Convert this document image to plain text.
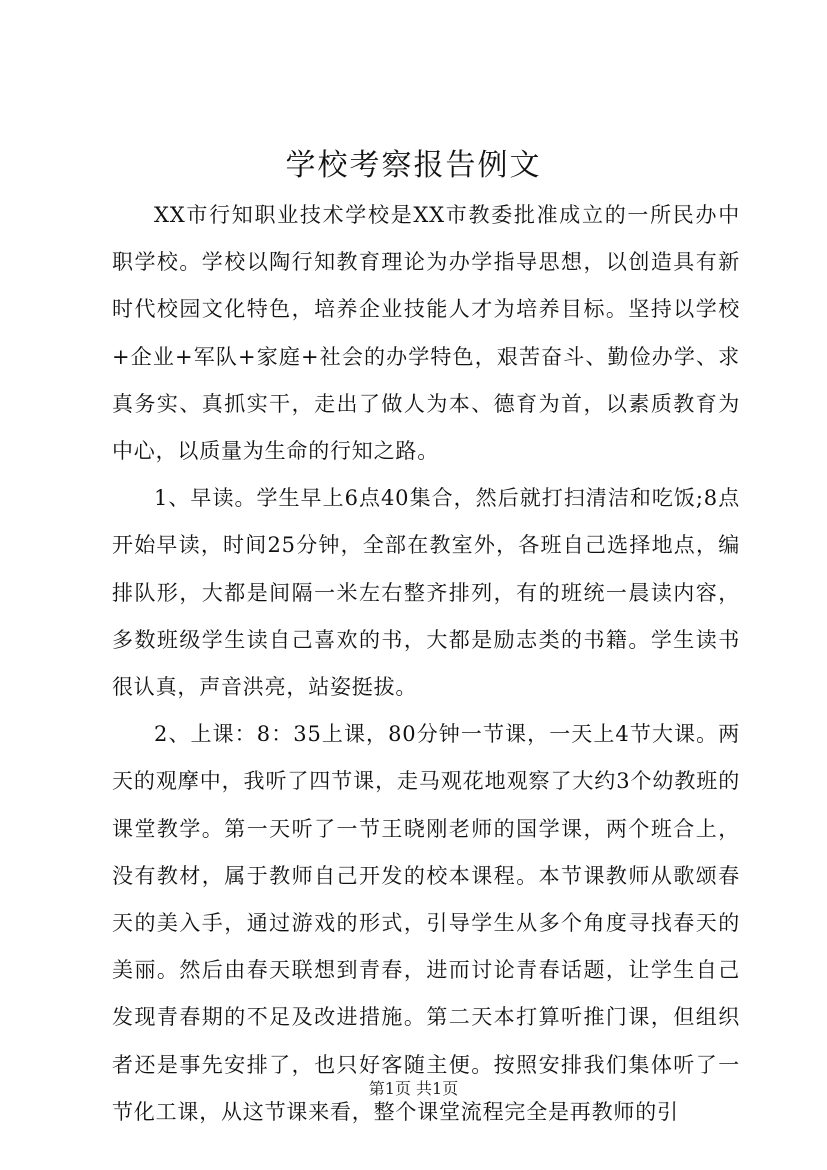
学校考察报告例文

XX市行知职业技术学校是XX市教委批准成立的一所民办中职学校。学校以陶行知教育理论为办学指导思想，以创造具有新时代校园文化特色，培养企业技能人才为培养目标。坚持以学校+企业+军队+家庭+社会的办学特色，艰苦奋斗、勤俭办学、求真务实、真抓实干，走出了做人为本、德育为首，以素质教育为中心，以质量为生命的行知之路。

1、早读。学生早上6点40集合，然后就打扫清洁和吃饭;8点开始早读，时间25分钟，全部在教室外，各班自己选择地点，编排队形，大都是间隔一米左右整齐排列，有的班统一晨读内容，多数班级学生读自己喜欢的书，大都是励志类的书籍。学生读书很认真，声音洪亮，站姿挺拔。

2、上课：8：35上课，80分钟一节课，一天上4节大课。两天的观摩中，我听了四节课，走马观花地观察了大约3个幼教班的课堂教学。第一天听了一节王晓刚老师的国学课，两个班合上，没有教材，属于教师自己开发的校本课程。本节课教师从歌颂春天的美入手，通过游戏的形式，引导学生从多个角度寻找春天的美丽。然后由春天联想到青春，进而讨论青春话题，让学生自己发现青春期的不足及改进措施。第二天本打算听推门课，但组织者还是事先安排了，也只好客随主便。按照安排我们集体听了一节化工课，从这节课来看，整个课堂流程完全是再教师的引

第1页 共1页
